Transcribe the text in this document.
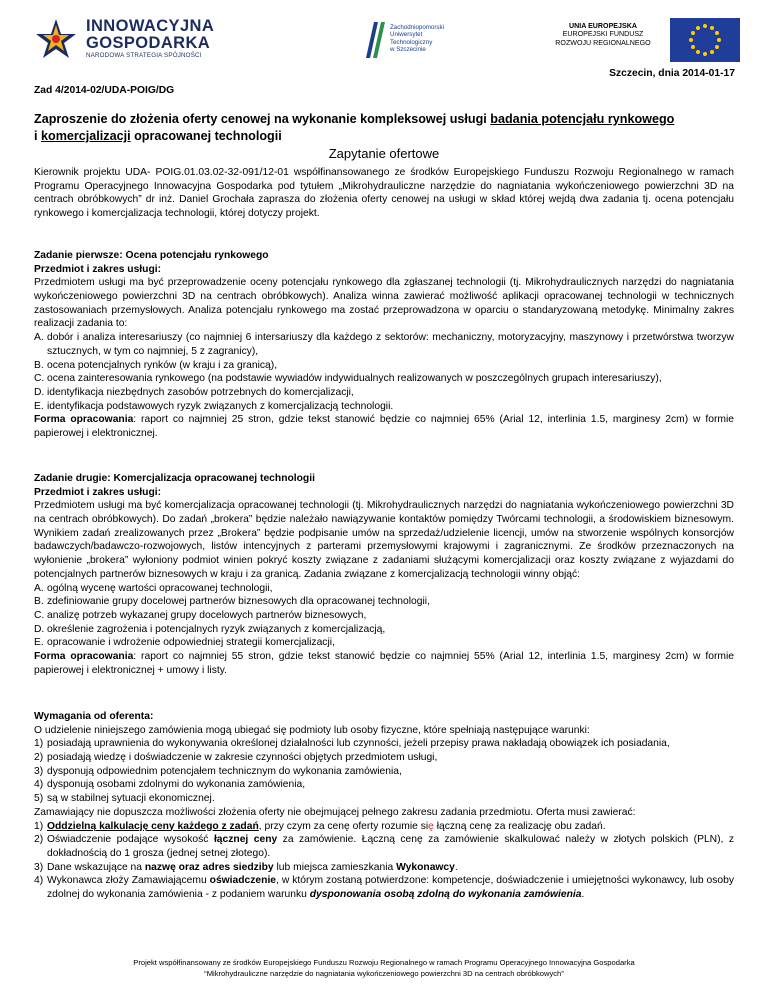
INNOWACYJNA
GOSPODARKA
NARODOWA STRATEGIA SPÓJNOŚCI
Zachodniopomorski
Uniwersytet
Technologiczny
w Szczecinie
UNIA EUROPEJSKA
EUROPEJSKI FUNDUSZ
ROZWOJU REGIONALNEGO
Szczecin, dnia 2014-01-17
Zad 4/2014-02/UDA-POIG/DG
Zaproszenie do złożenia oferty cenowej na wykonanie kompleksowej usługi badania potencjału rynkowego
i komercjalizacji opracowanej technologii
Zapytanie ofertowe
Kierownik projektu UDA- POIG.01.03.02-32-091/12-01 współfinansowanego ze środków Europejskiego Funduszu Rozwoju Regionalnego w ramach Programu Operacyjnego Innowacyjna Gospodarka pod tytułem „Mikrohydrauliczne narzędzie do nagniatania wykończeniowego powierzchni 3D na centrach obróbkowych” dr inż. Daniel Grochała zaprasza do złożenia oferty cenowej na usługi w skład której wejdą dwa zadania tj. ocena potencjału rynkowego i komercjalizacja technologii, której dotyczy projekt.

Zadanie pierwsze: Ocena potencjału rynkowego

Przedmiot i zakres usługi:

Przedmiotem usługi ma być przeprowadzenie oceny potencjału rynkowego dla zgłaszanej technologii (tj. Mikrohydraulicznych narzędzi do nagniatania wykończeniowego powierzchni 3D na centrach obróbkowych). Analiza winna zawierać możliwość aplikacji opracowanej technologii w technicznych zastosowaniach przemysłowych. Analiza potencjału rynkowego ma zostać przeprowadzona w oparciu o standaryzowaną metodykę. Minimalny zakres realizacji zadania to:

A. dobór i analiza interesariuszy (co najmniej 6 intersariuszy dla każdego z sektorów: mechaniczny, motoryzacyjny, maszynowy i przetwórstwa tworzyw sztucznych, w tym co najmniej, 5 z zagranicy),
B. ocena potencjalnych rynków (w kraju i za granicą),
C. ocena zainteresowania rynkowego (na podstawie wywiadów indywidualnych realizowanych w poszczególnych grupach interesariuszy),
D. identyfikacja niezbędnych zasobów potrzebnych do komercjalizacji,
E. identyfikacja podstawowych ryzyk związanych z komercjalizacją technologii.

Forma opracowania: raport co najmniej 25 stron, gdzie tekst stanowić będzie co najmniej 65% (Arial 12, interlinia 1.5, marginesy 2cm) w formie papierowej i elektronicznej.

Zadanie drugie: Komercjalizacja opracowanej technologii

Przedmiot i zakres usługi:

Przedmiotem usługi ma być komercjalizacja opracowanej technologii (tj. Mikrohydraulicznych narzędzi do nagniatania wykończeniowego powierzchni 3D na centrach obróbkowych). Do zadań „brokera” będzie należało nawiązywanie kontaktów pomiędzy Twórcami technologii, a środowiskiem biznesowym. Wynikiem zadań zrealizowanych przez „Brokera” będzie podpisanie umów na sprzedaż/udzielenie licencji, umów na stworzenie wspólnych konsorcjów badawczych/badawczo-rozwojowych, listów intencyjnych z parterami przemysłowymi krajowymi i zagranicznymi. Ze środków przeznaczonych na wyłonienie „brokera” wyłoniony podmiot winien pokryć koszty związane z zadaniami służącymi komercjalizacji oraz koszty związane z wyjazdami do potencjalnych partnerów biznesowych w kraju i za granicą. Zadania związane z komercjalizacją technologii winny objąć:

A. ogólną wycenę wartości opracowanej technologii,
B. zdefiniowanie grupy docelowej partnerów biznesowych dla opracowanej technologii,
C. analizę potrzeb wykazanej grupy docelowych partnerów biznesowych,
D. określenie zagrożenia i potencjalnych ryzyk związanych z komercjalizacją,
E. opracowanie i wdrożenie odpowiedniej strategii komercjalizacji,

Forma opracowania: raport co najmniej 55 stron, gdzie tekst stanowić będzie co najmniej 55% (Arial 12, interlinia 1.5, marginesy 2cm) w formie papierowej i elektronicznej + umowy i listy.

Wymagania od oferenta:

O udzielenie niniejszego zamówienia mogą ubiegać się podmioty lub osoby fizyczne, które spełniają następujące warunki:

1) posiadają uprawnienia do wykonywania określonej działalności lub czynności, jeżeli przepisy prawa nakładają obowiązek ich posiadania,
2) posiadają wiedzę i doświadczenie w zakresie czynności objętych przedmiotem usługi,
3) dysponują odpowiednim potencjałem technicznym do wykonania zamówienia,
4) dysponują osobami zdolnymi do wykonania zamówienia,
5) są w stabilnej sytuacji ekonomicznej.

Zamawiający nie dopuszcza możliwości złożenia oferty nie obejmującej pełnego zakresu zadania przedmiotu. Oferta musi zawierać:

1) Oddzielną kalkulację ceny każdego z zadań, przy czym za cenę oferty rozumie się łączną cenę za realizację obu zadań.
2) Oświadczenie podające wysokość łącznej ceny za zamówienie. Łączną cenę za zamówienie skalkulować należy w złotych polskich (PLN), z dokładnością do 1 grosza (jednej setnej złotego).
3) Dane wskazujące na nazwę oraz adres siedziby lub miejsca zamieszkania Wykonawcy.
4) Wykonawca złoży Zamawiającemu oświadczenie, w którym zostaną potwierdzone: kompetencje, doświadczenie i umiejętności wykonawcy, lub osoby zdolnej do wykonania zamówienia - z podaniem warunku dysponowania osobą zdolną do wykonania zamówienia.
Projekt współfinansowany ze środków Europejskiego Funduszu Rozwoju Regionalnego w ramach Programu Operacyjnego Innowacyjna Gospodarka
“Mikrohydrauliczne narzędzie do nagniatania wykończeniowego powierzchni 3D na centrach obróbkowych”
